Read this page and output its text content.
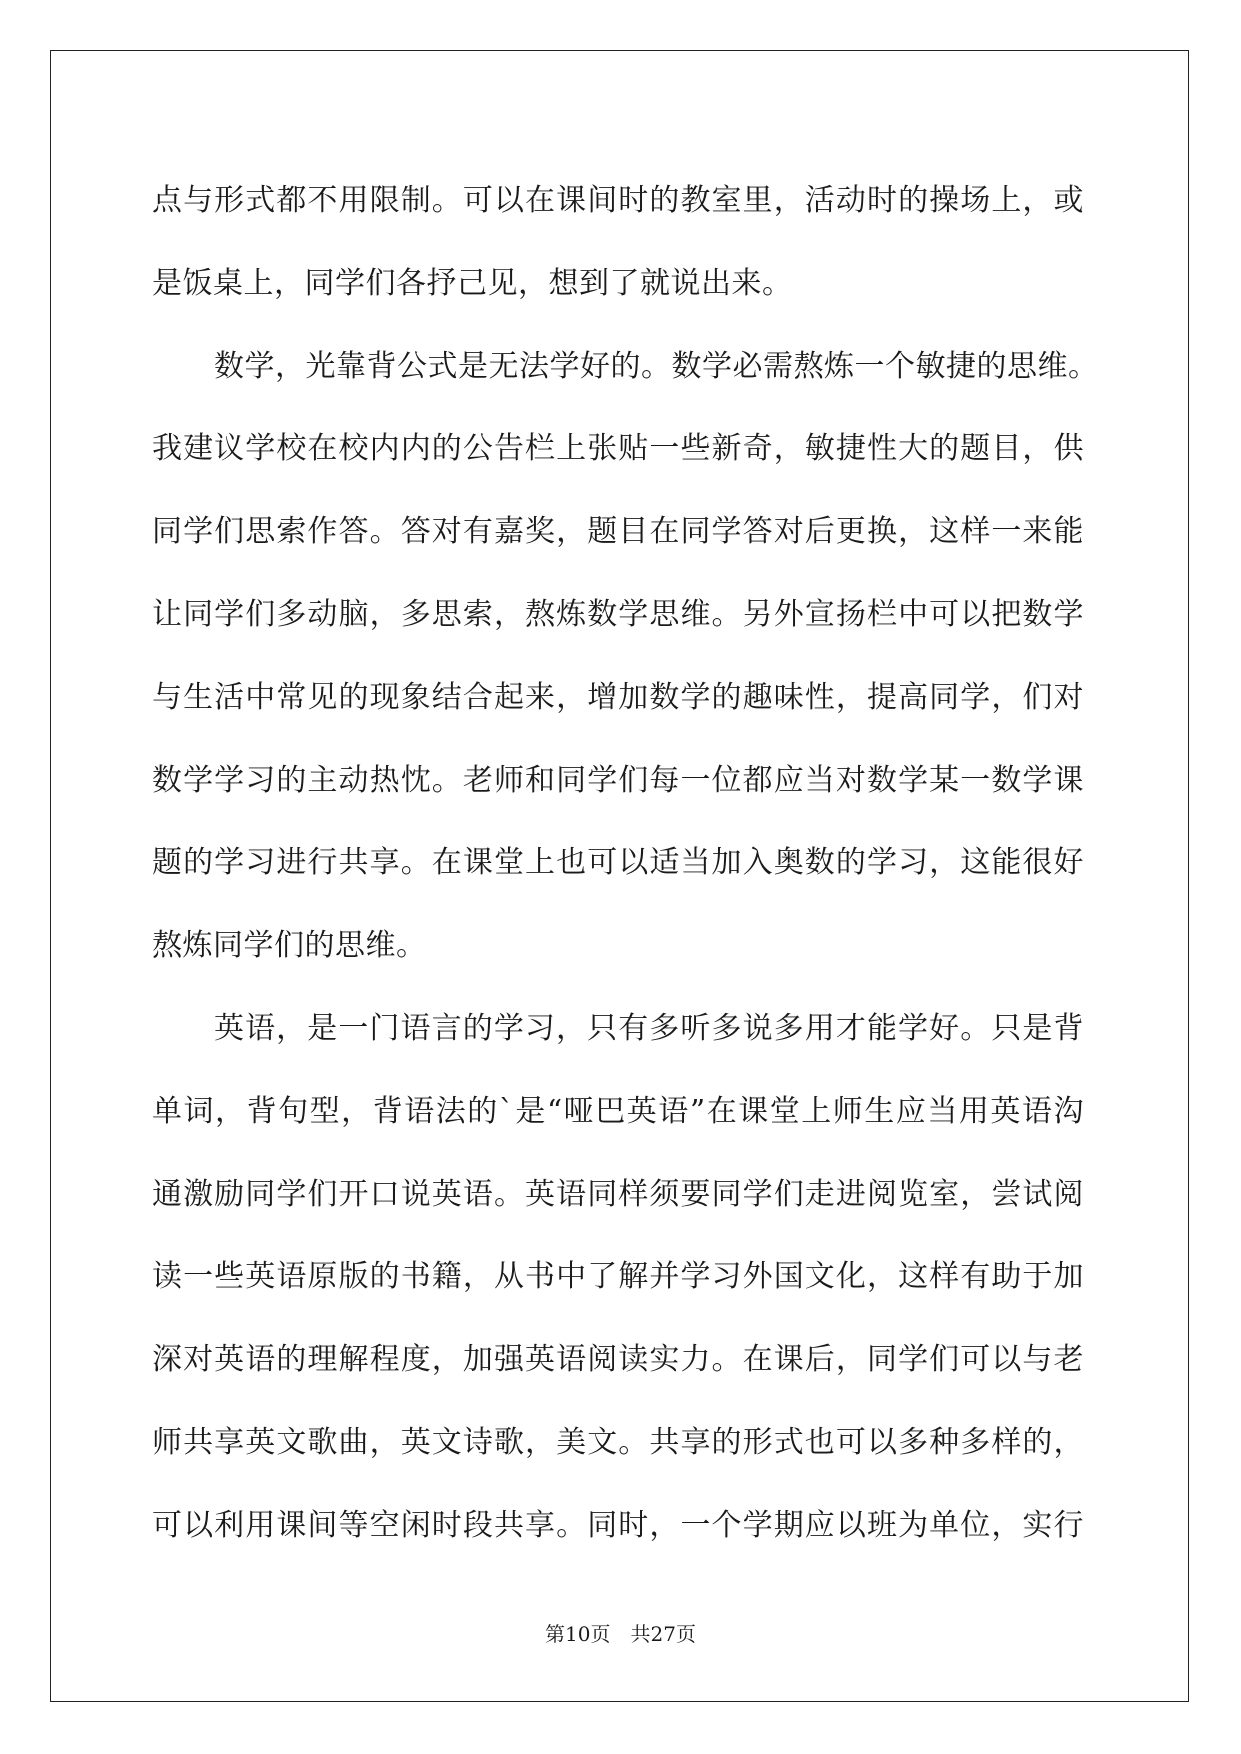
点与形式都不用限制。可以在课间时的教室里，活动时的操场上，或
是饭桌上，同学们各抒己见，想到了就说出来。
数学，光靠背公式是无法学好的。数学必需熬炼一个敏捷的思维。
我建议学校在校内内的公告栏上张贴一些新奇，敏捷性大的题目，供
同学们思索作答。答对有嘉奖，题目在同学答对后更换，这样一来能
让同学们多动脑，多思索，熬炼数学思维。另外宣扬栏中可以把数学
与生活中常见的现象结合起来，增加数学的趣味性，提高同学，们对
数学学习的主动热忱。老师和同学们每一位都应当对数学某一数学课
题的学习进行共享。在课堂上也可以适当加入奥数的学习，这能很好
熬炼同学们的思维。
英语，是一门语言的学习，只有多听多说多用才能学好。只是背
单词，背句型，背语法的`是“哑巴英语”在课堂上师生应当用英语沟
通激励同学们开口说英语。英语同样须要同学们走进阅览室，尝试阅
读一些英语原版的书籍，从书中了解并学习外国文化，这样有助于加
深对英语的理解程度，加强英语阅读实力。在课后，同学们可以与老
师共享英文歌曲，英文诗歌，美文。共享的形式也可以多种多样的，
可以利用课间等空闲时段共享。同时，一个学期应以班为单位，实行
第10页　共27页
